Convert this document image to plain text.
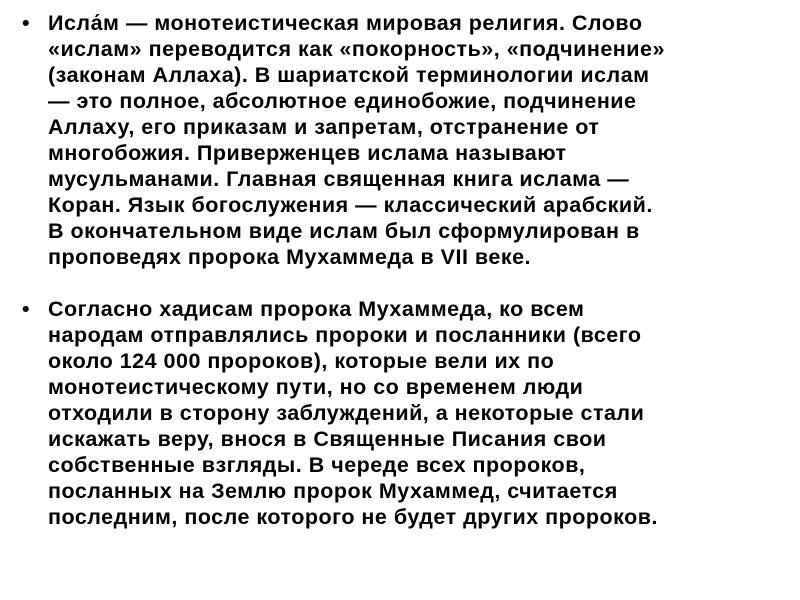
• Исла́м — монотеистическая мировая религия. Слово
«ислам» переводится как «покорность», «подчинение»
(законам Аллаха). В шариатской терминологии ислам
— это полное, абсолютное единобожие, подчинение
Аллаху, его приказам и запретам, отстранение от
многобожия. Приверженцев ислама называют
мусульманами. Главная священная книга ислама —
Коран. Язык богослужения — классический арабский.
В окончательном виде ислам был сформулирован в
проповедях пророка Мухаммеда в VII веке.
• Согласно хадисам пророка Мухаммеда, ко всем
народам отправлялись пророки и посланники (всего
около 124 000 пророков), которые вели их по
монотеистическому пути, но со временем люди
отходили в сторону заблуждений, а некоторые стали
искажать веру, внося в Священные Писания свои
собственные взгляды. В череде всех пророков,
посланных на Землю пророк Мухаммед, считается
последним, после которого не будет других пророков.
